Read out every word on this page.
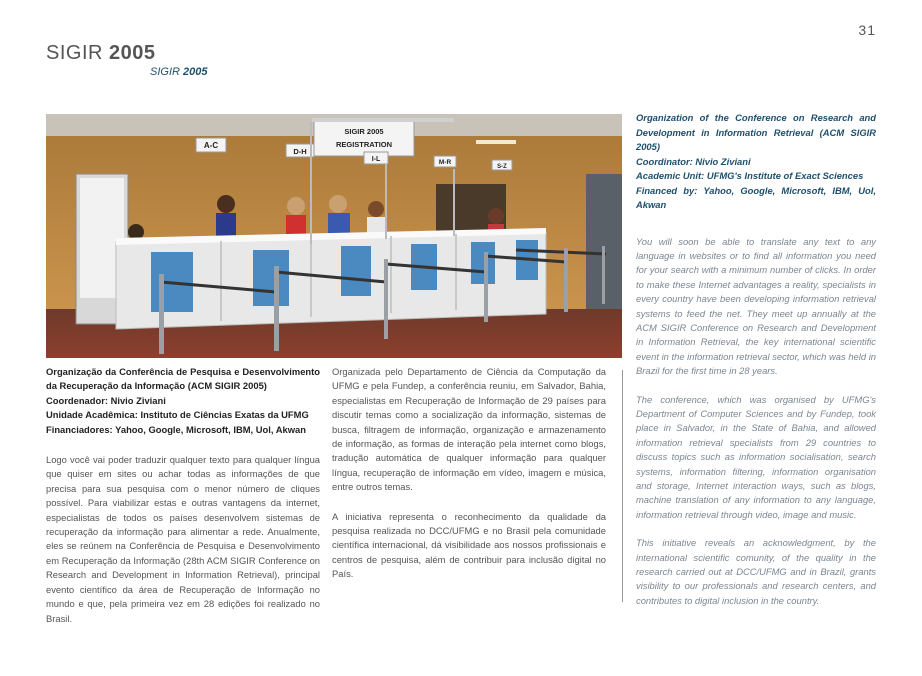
31
SIGIR 2005
SIGIR 2005
A-C
D-H
SIGIR 2005
REGISTRATION
I-L	M-R
S-Z

Organização da Conferência de Pesquisa e Desenvolvimento da Recuperação da Informação (ACM SIGIR 2005)
Coordenador: Nivio Ziviani
Unidade Acadêmica: Instituto de Ciências Exatas da UFMG
Financiadores: Yahoo, Google, Microsoft, IBM, Uol, Akwan

Logo você vai poder traduzir qualquer texto para qualquer língua que quiser em sites ou achar todas as informações de que precisa para sua pesquisa com o menor número de cliques possível. Para viabilizar estas e outras vantagens da internet, especialistas de todos os países desenvolvem sistemas de recuperação da informação para alimentar a rede. Anualmente, eles se reúnem na Conferência de Pesquisa e Desenvolvimento em Recuperação da Informação (28th ACM SIGIR Conference on Research and Development in Information Retrieval), principal evento científico da área de Recuperação de Informação no mundo e que, pela primeira vez em 28 edições foi realizado no Brasil.

Organizada pelo Departamento de Ciência da Computação da UFMG e pela Fundep, a conferência reuniu, em Salvador, Bahia, especialistas em Recuperação de Informação de 29 países para discutir temas como a socialização da informação, sistemas de busca, filtragem de informação, organização e armazenamento de informação, as formas de interação pela internet como blogs, tradução automática de qualquer informação para qualquer língua, recuperação de informação em vídeo, imagem e música, entre outros temas.

A iniciativa representa o reconhecimento da qualidade da pesquisa realizada no DCC/UFMG e no Brasil pela comunidade científica internacional, dá visibilidade aos nossos profissionais e centros de pesquisa, além de contribuir para inclusão digital no País.

Organization of the Conference on Research and Development in Information Retrieval (ACM SIGIR 2005)
Coordinator: Nivio Ziviani
Academic Unit: UFMG's Institute of Exact Sciences
Financed by: Yahoo, Google, Microsoft, IBM, Uol, Akwan

You will soon be able to translate any text to any language in websites or to find all information you need for your search with a minimum number of clicks. In order to make these Internet advantages a reality, specialists in every country have been developing information retrieval systems to feed the net. They meet up annually at the ACM SIGIR Conference on Research and Development in Information Retrieval, the key international scientific event in the information retrieval sector, which was held in Brazil for the first time in 28 years.

The conference, which was organised by UFMG's Department of Computer Sciences and by Fundep, took place in Salvador, in the State of Bahia, and allowed information retrieval specialists from 29 countries to discuss topics such as information socialisation, search systems, information filtering, information organisation and storage, Internet interaction ways, such as blogs, machine translation of any information to any language, information retrieval through video, image and music.

This initiative reveals an acknowledgment, by the international scientific comunity, of the quality in the research carried out at DCC/UFMG and in Brazil, grants visibility to our professionals and research centers, and contributes to digital inclusion in the country.
